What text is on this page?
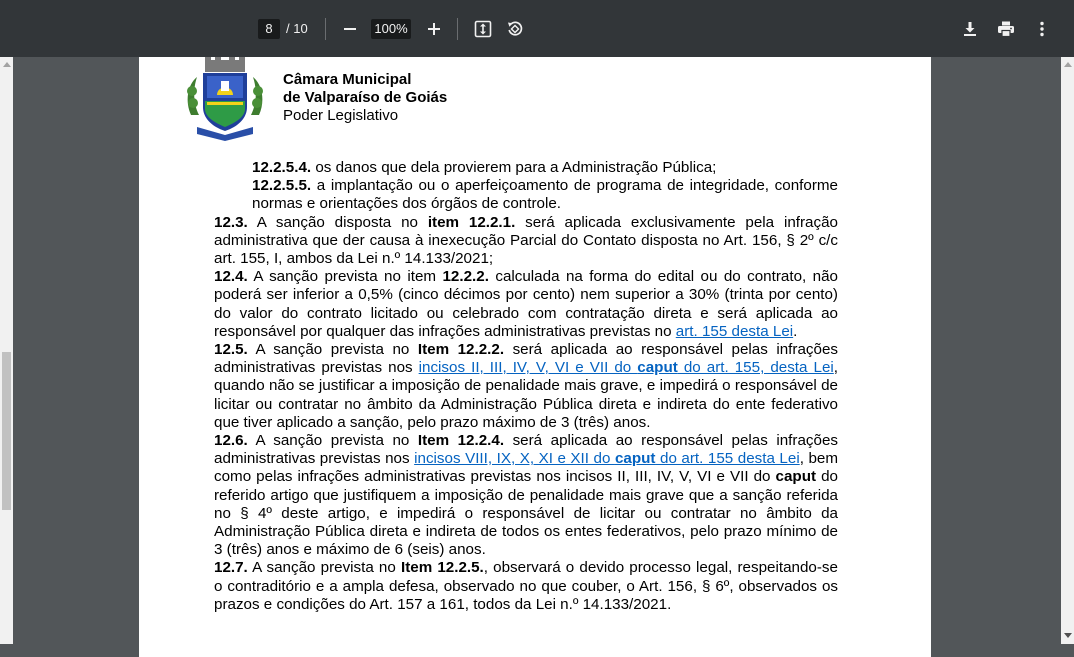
8	/ 10	100%
Câmara Municipal
de Valparaíso de Goiás
Poder Legislativo

12.2.5.4. os danos que dela provierem para a Administração Pública;

12.2.5.5. a implantação ou o aperfeiçoamento de programa de integridade, conforme normas e orientações dos órgãos de controle.

12.3. A sanção disposta no item 12.2.1. será aplicada exclusivamente pela infração administrativa que der causa à inexecução Parcial do Contato disposta no Art. 156, § 2º c/c art. 155, I, ambos da Lei n.º 14.133/2021;

12.4. A sanção prevista no item 12.2.2. calculada na forma do edital ou do contrato, não poderá ser inferior a 0,5% (cinco décimos por cento) nem superior a 30% (trinta por cento) do valor do contrato licitado ou celebrado com contratação direta e será aplicada ao responsável por qualquer das infrações administrativas previstas no art. 155 desta Lei.

12.5. A sanção prevista no Item 12.2.2. será aplicada ao responsável pelas infrações administrativas previstas nos incisos II, III, IV, V, VI e VII do caput do art. 155, desta Lei, quando não se justificar a imposição de penalidade mais grave, e impedirá o responsável de licitar ou contratar no âmbito da Administração Pública direta e indireta do ente federativo que tiver aplicado a sanção, pelo prazo máximo de 3 (três) anos.

12.6. A sanção prevista no Item 12.2.4. será aplicada ao responsável pelas infrações administrativas previstas nos incisos VIII, IX, X, XI e XII do caput do art. 155 desta Lei, bem como pelas infrações administrativas previstas nos incisos II, III, IV, V, VI e VII do caput do referido artigo que justifiquem a imposição de penalidade mais grave que a sanção referida no § 4º deste artigo, e impedirá o responsável de licitar ou contratar no âmbito da Administração Pública direta e indireta de todos os entes federativos, pelo prazo mínimo de 3 (três) anos e máximo de 6 (seis) anos.

12.7. A sanção prevista no Item 12.2.5., observará o devido processo legal, respeitando-se o contraditório e a ampla defesa, observado no que couber, o Art. 156, § 6º, observados os prazos e condições do Art. 157 a 161, todos da Lei n.º 14.133/2021.
